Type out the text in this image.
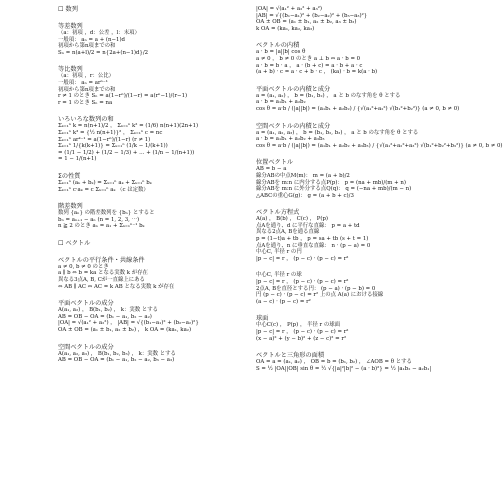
☐ 数列
等差数列
（a：初項 ，d：公差 ，l：末項）
一般項： aₙ = a + (n−1)d
初項から第n項までの和
Sₙ = n(a+l)/2 = n{2a+(n−1)d}/2
等比数列
（a：初項 ，r：公比）
一般項： aₙ = arⁿ⁻¹
初項から第n項までの和
r ≠ 1 のとき Sₙ = a(1−rⁿ)/(1−r) = a(rⁿ−1)/(r−1)
r = 1 のとき Sₙ = na
いろいろな数列の和
Σₖ₌₁ⁿ k = n(n+1)/2 ， Σₖ₌₁ⁿ k² = (1/6) n(n+1)(2n+1)
Σₖ₌₁ⁿ k³ = {½ n(n+1)}² ， Σₖ₌₁ⁿ c = nc
Σₖ₌₁ⁿ arᵏ⁻¹ = a(1−rⁿ)/(1−r) (r ≠ 1)
Σₖ₌₁ⁿ 1/{k(k+1)} = Σₖ₌₁ⁿ (1/k − 1/(k+1))
= (1/1 − 1/2) + (1/2 − 1/3) + … + (1/n − 1/(n+1))
= 1 − 1/(n+1)
Σの性質
Σₖ₌₁ⁿ (aₖ + bₖ) = Σₖ₌₁ⁿ aₖ + Σₖ₌₁ⁿ bₖ
Σₖ₌₁ⁿ c·aₖ = c Σₖ₌₁ⁿ aₖ （c は定数）
階差数列
数列 {aₙ} の階差数列を {bₙ} とすると
bₙ = aₙ₊₁ − aₙ (n = 1, 2, 3, ⋯)
n ≧ 2 のとき aₙ = a₁ + Σₖ₌₁ⁿ⁻¹ bₖ
☐ ベクトル
ベクトルの平行条件・共線条件
a ≠ 0, b ≠ 0 のとき
a ∥ b ⇔ b = ka となる実数 k が存在
異なる3点A, B, Cが一直線上にある
⇔ AB ∥ AC ⇔ AC = k AB となる実数 k が存在
平面ベクトルの成分
A(a₁, a₂) ， B(b₁, b₂) ， k：実数 とする
AB = OB − OA = (b₁ − a₁, b₂ − a₂)
|OA| = √(a₁² + a₂²) ， |AB| = √{(b₁−a₁)² + (b₂−a₂)²}
OA ± OB = (a₁ ± b₁, a₂ ± b₂) ， k OA = (ka₁, ka₂)
空間ベクトルの成分
A(a₁, a₂, a₃) ， B(b₁, b₂, b₃) ， k：実数 とする
AB = OB − OA = (b₁ − a₁, b₂ − a₂, b₃ − a₃)
|OA| = √(a₁² + a₂² + a₃²)
|AB| = √{(b₁−a₁)² + (b₂−a₂)² + (b₃−a₃)²}
OA ± OB = (a₁ ± b₁, a₂ ± b₂, a₃ ± b₃)
k OA = (ka₁, ka₂, ka₃)
ベクトルの内積
a · b = |a||b| cos θ
a ≠ 0 ， b ≠ 0 のとき a ⊥ b ⇔ a · b = 0
a · b = b · a ， a · (b + c) = a · b + a · c
(a + b) · c = a · c + b · c ， (ka) · b = k(a · b)
平面ベクトルの内積と成分
a = (a₁, a₂) ， b = (b₁, b₂) ， a と b のなす角を θ とする
a · b = a₁b₁ + a₂b₂
cos θ = a·b / (|a||b|) = (a₁b₁ + a₂b₂) / {√(a₁²+a₂²) √(b₁²+b₂²)} (a ≠ 0, b ≠ 0)
空間ベクトルの内積と成分
a = (a₁, a₂, a₃) ， b = (b₁, b₂, b₃) ， a と b のなす角を θ とする
a · b = a₁b₁ + a₂b₂ + a₃b₃
cos θ = a·b / (|a||b|) = (a₁b₁ + a₂b₂ + a₃b₃) / {√(a₁²+a₂²+a₃²) √(b₁²+b₂²+b₃²)} (a ≠ 0, b ≠ 0)
位置ベクトル
AB = b − a
線分ABの中点M(m)： m = (a + b)/2
線分ABを m:n に内分する点P(p)： p = (na + mb)/(m + n)
線分ABを m:n に外分する点Q(q)： q = (−na + mb)/(m − n)
△ABCの重心G(g)： g = (a + b + c)/3
ベクトル方程式
A(a) ， B(b) ， C(c) ， P(p)
点Aを通り、d に平行な直線： p = a + td
異なる2点A, Bを通る直線
p = (1−t)a + tb ， p = sa + tb (s + t = 1)
点Aを通り、n に垂直な直線： n · (p − a) = 0
中心C, 半径 r の円
|p − c| = r ， (p − c) · (p − c) = r²
中心C, 半径 r の球
|p − c| = r ， (p − c) · (p − c) = r²
2点A, Bを直径とする円： (p − a) · (p − b) = 0
円 (p − c) · (p − c) = r² 上の点 A(a) における接線
(a − c) · (p − c) = r²
球面
中心C(c) ， P(p) ， 半径 r の球面
|p − c| = r ， (p − c) · (p − c) = r²
(x − a)² + (y − b)² + (z − c)² = r²
ベクトルと三角形の面積
OA = a = (a₁, a₂) ， OB = b = (b₁, b₂) ， ∠AOB = θ とする
S = ½ |OA||OB| sin θ = ½ √{|a|²|b|² − (a · b)²} = ½ |a₁b₂ − a₂b₁|
